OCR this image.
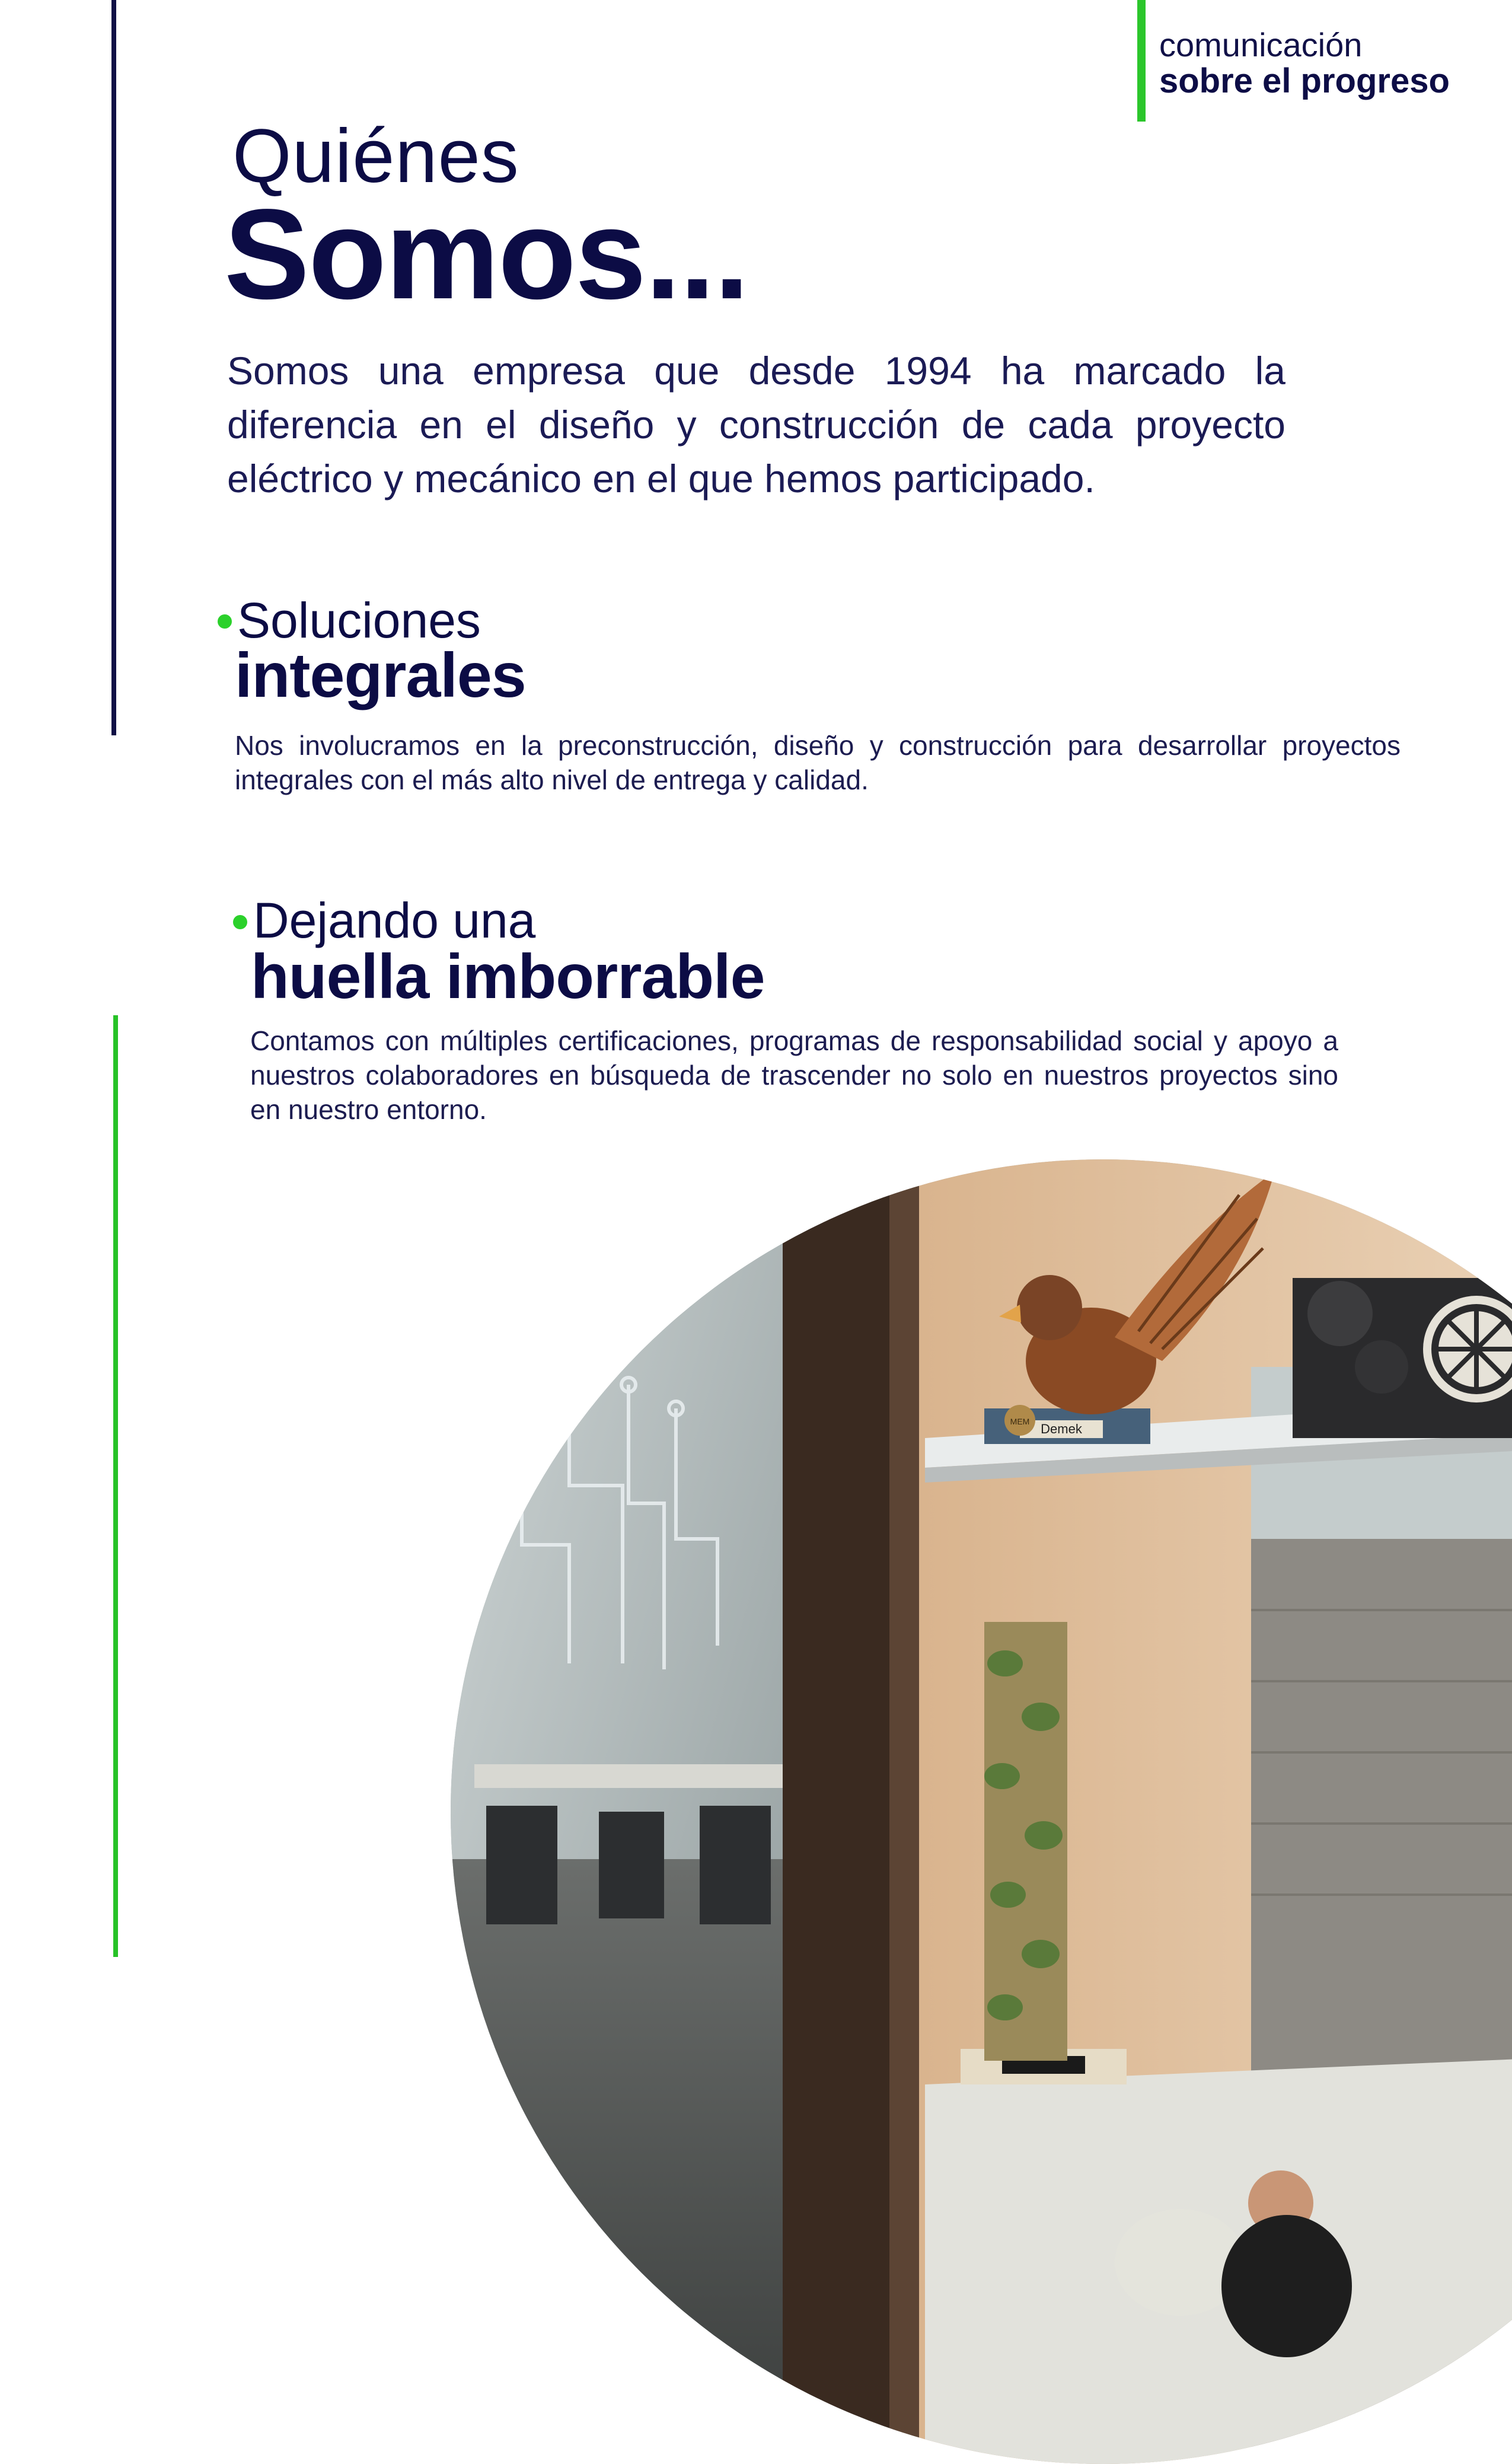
comunicación
sobre el progreso
Quiénes
Somos...
Somos una empresa que desde 1994 ha marcado la diferencia en el diseño y construcción de cada proyecto eléctrico y mecánico en el que hemos participado.
Soluciones
integrales
Nos involucramos en la preconstrucción, diseño y construcción para desarrollar proyectos integrales con el más alto nivel de entrega y calidad.
Dejando una
huella imborrable
Contamos con múltiples certificaciones, programas de responsabilidad social y apoyo a nuestros colaboradores en búsqueda de trascender no solo en nuestros proyectos sino en nuestro entorno.
Demek
MEM
